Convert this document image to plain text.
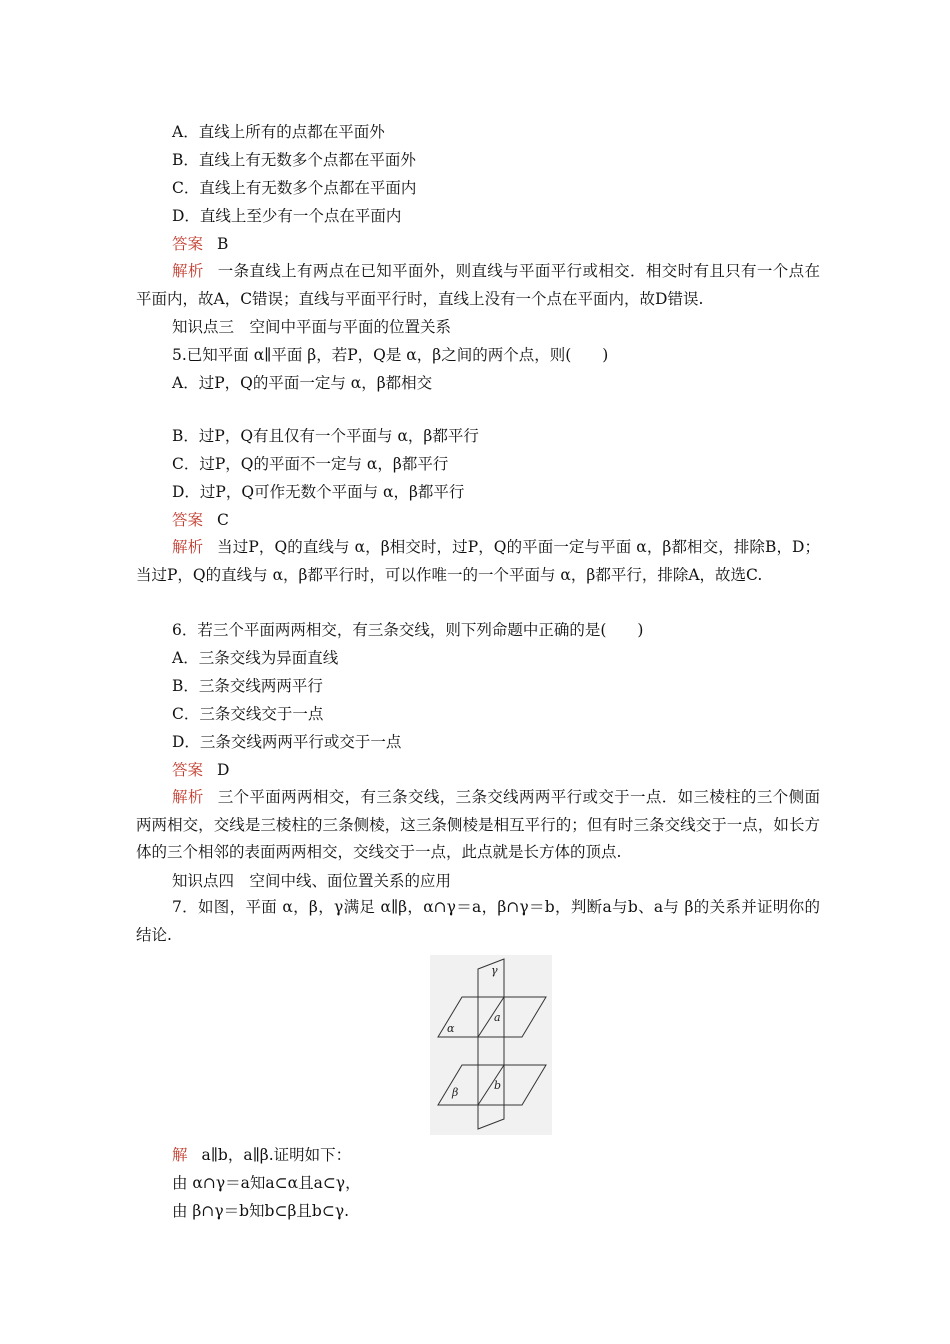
A．直线上所有的点都在平面外
B．直线上有无数多个点都在平面外
C．直线上有无数多个点都在平面内
D．直线上至少有一个点在平面内
答案 B
解析 一条直线上有两点在已知平面外，则直线与平面平行或相交．相交时有且只有一个点在平面内，故A，C错误；直线与平面平行时，直线上没有一个点在平面内，故D错误.
知识点三　空间中平面与平面的位置关系
5.已知平面 α∥平面 β，若P，Q是 α，β之间的两个点，则(　　)
A．过P，Q的平面一定与 α，β都相交
B．过P，Q有且仅有一个平面与 α，β都平行
C．过P，Q的平面不一定与 α，β都平行
D．过P，Q可作无数个平面与 α，β都平行
答案 C
解析 当过P，Q的直线与 α，β相交时，过P，Q的平面一定与平面 α，β都相交，排除B，D；当过P，Q的直线与 α，β都平行时，可以作唯一的一个平面与 α，β都平行，排除A，故选C.
6．若三个平面两两相交，有三条交线，则下列命题中正确的是(　　)
A．三条交线为异面直线
B．三条交线两两平行
C．三条交线交于一点
D．三条交线两两平行或交于一点
答案 D
解析 三个平面两两相交，有三条交线，三条交线两两平行或交于一点．如三棱柱的三个侧面两两相交，交线是三棱柱的三条侧棱，这三条侧棱是相互平行的；但有时三条交线交于一点，如长方体的三个相邻的表面两两相交，交线交于一点，此点就是长方体的顶点.
知识点四　空间中线、面位置关系的应用
7．如图，平面 α，β，γ满足 α∥β，α∩γ＝a，β∩γ＝b，判断a与b、a与 β的关系并证明你的结论.
γ
α
a
β
b
解 a∥b，a∥β.证明如下：
由 α∩γ＝a知a⊂α且a⊂γ，
由 β∩γ＝b知b⊂β且b⊂γ.
